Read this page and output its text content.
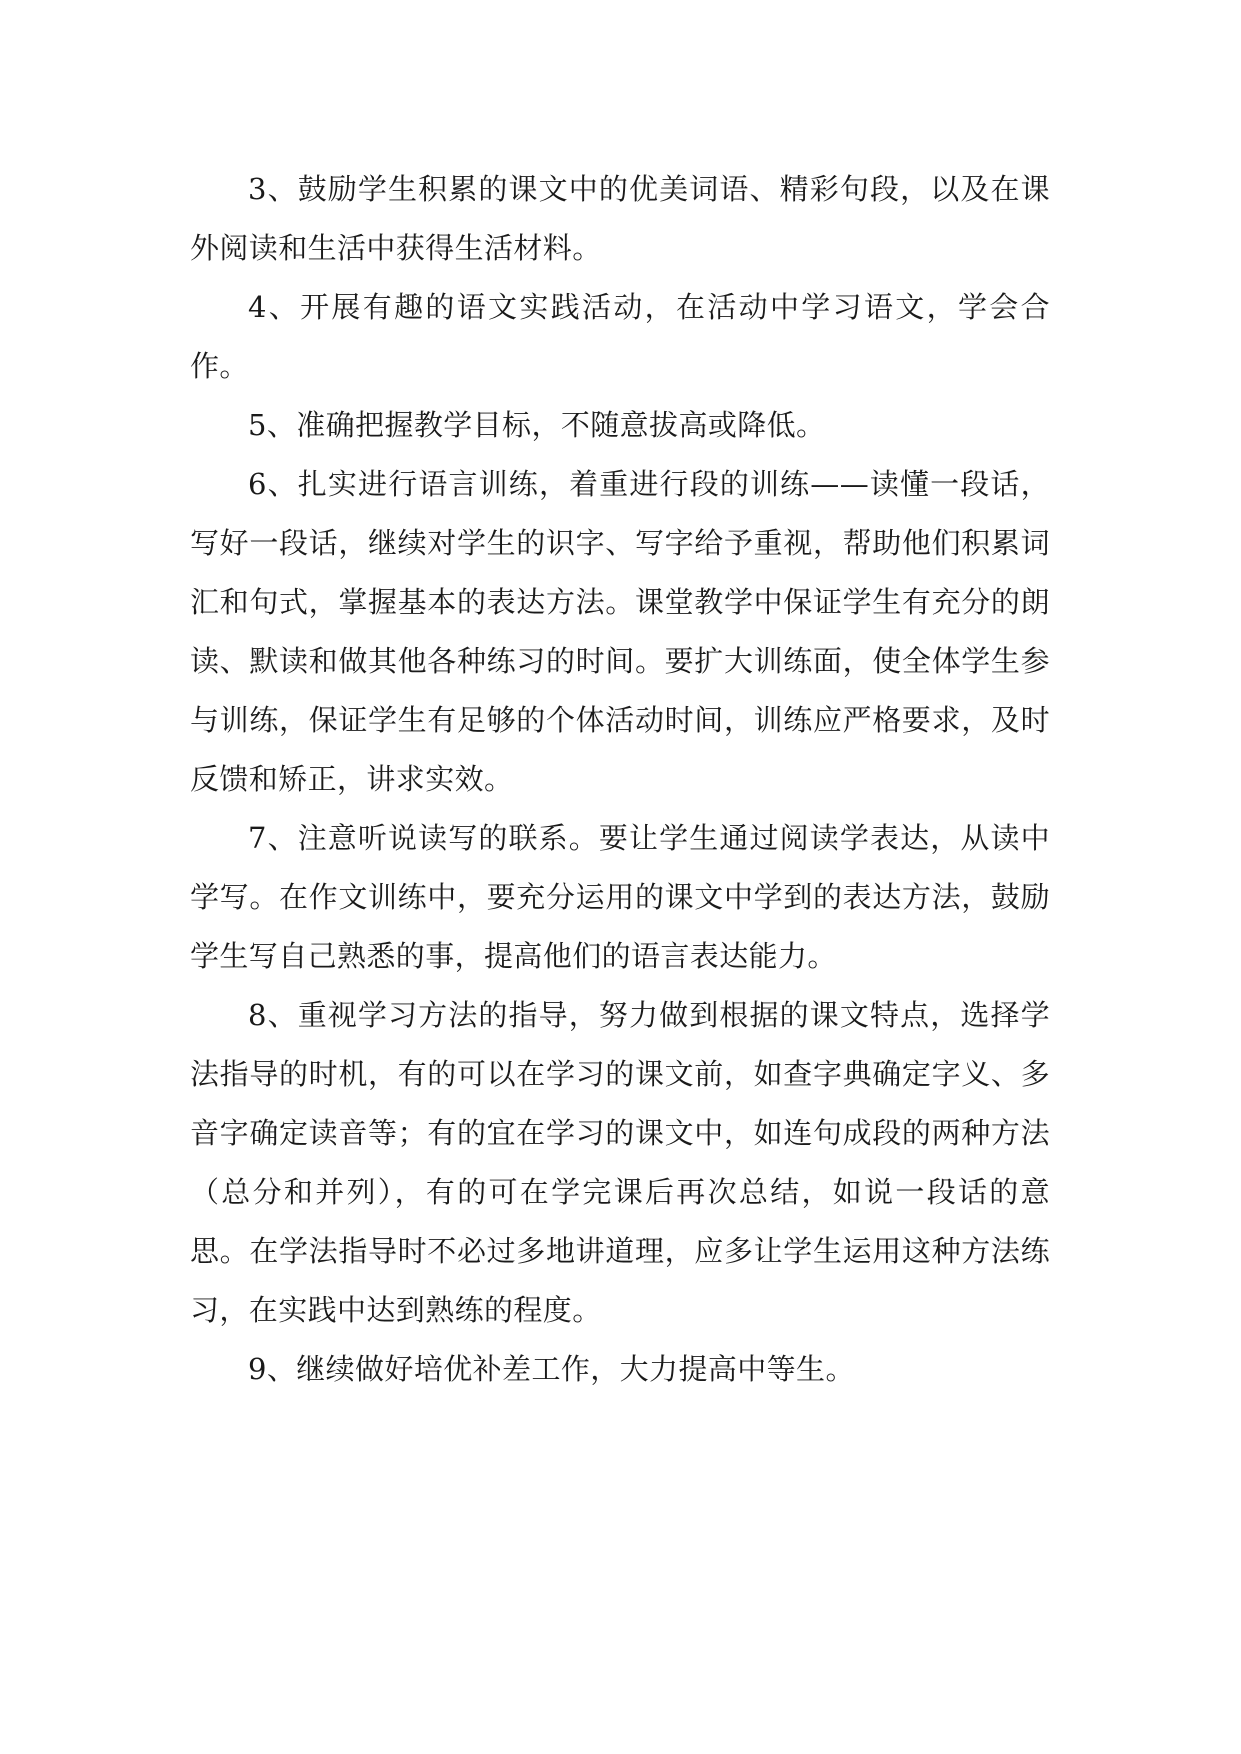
3、鼓励学生积累的课文中的优美词语、精彩句段，以及在课外阅读和生活中获得生活材料。

4、开展有趣的语文实践活动，在活动中学习语文，学会合作。

5、准确把握教学目标，不随意拔高或降低。

6、扎实进行语言训练，着重进行段的训练——读懂一段话，写好一段话，继续对学生的识字、写字给予重视，帮助他们积累词汇和句式，掌握基本的表达方法。课堂教学中保证学生有充分的朗读、默读和做其他各种练习的时间。要扩大训练面，使全体学生参与训练，保证学生有足够的个体活动时间，训练应严格要求，及时反馈和矫正，讲求实效。

7、注意听说读写的联系。要让学生通过阅读学表达，从读中学写。在作文训练中，要充分运用的课文中学到的表达方法，鼓励学生写自己熟悉的事，提高他们的语言表达能力。

8、重视学习方法的指导，努力做到根据的课文特点，选择学法指导的时机，有的可以在学习的课文前，如查字典确定字义、多音字确定读音等；有的宜在学习的课文中，如连句成段的两种方法（总分和并列），有的可在学完课后再次总结，如说一段话的意思。在学法指导时不必过多地讲道理，应多让学生运用这种方法练习，在实践中达到熟练的程度。

9、继续做好培优补差工作，大力提高中等生。
